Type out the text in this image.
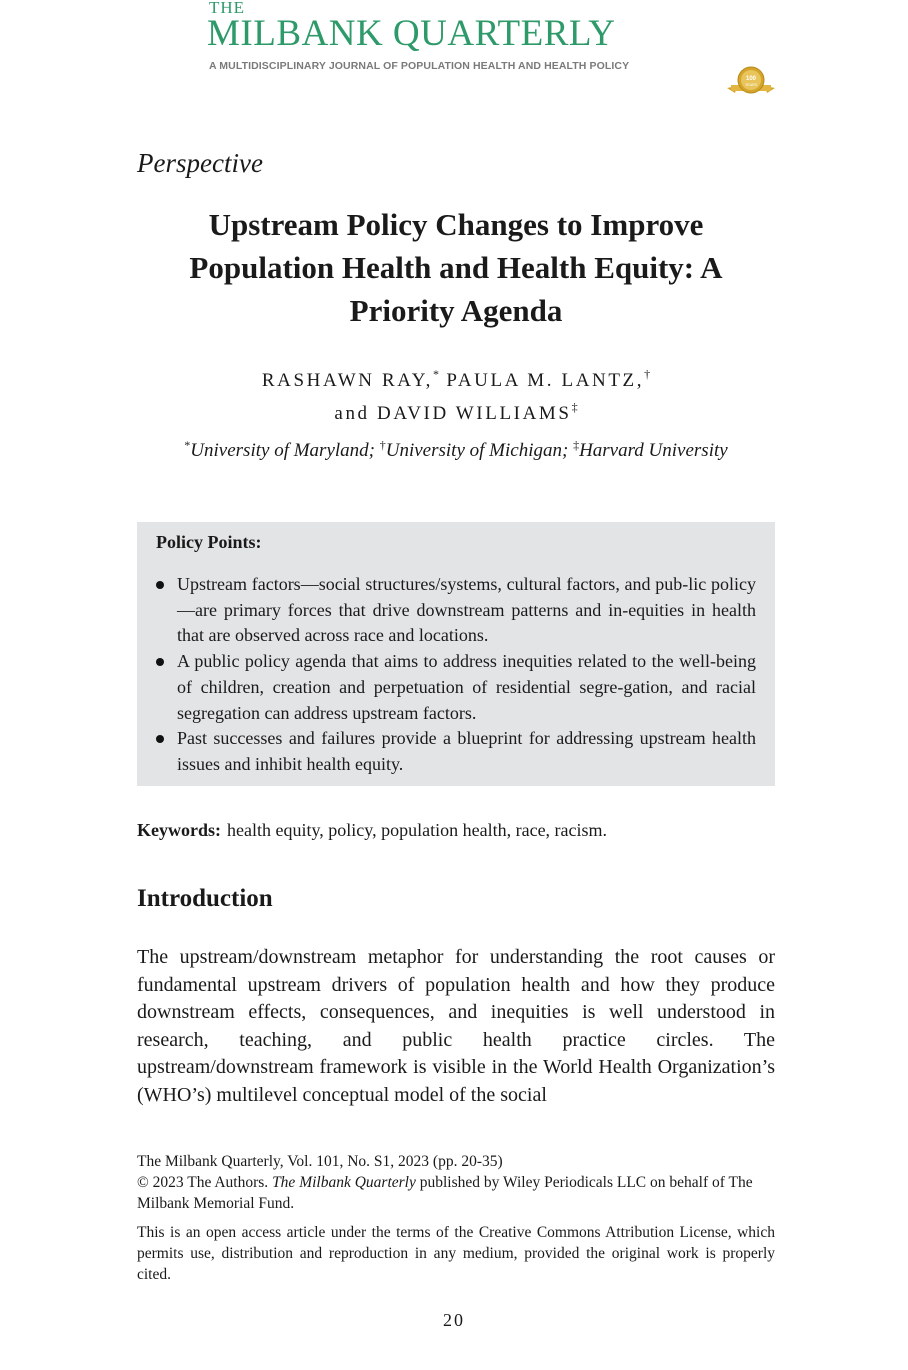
THE
MILBANK QUARTERLY
A MULTIDISCIPLINARY JOURNAL OF POPULATION HEALTH AND HEALTH POLICY
100
YEARS
Perspective
Upstream Policy Changes to Improve Population Health and Health Equity: A Priority Agenda
RASHAWN RAY,* PAULA M. LANTZ,†
and DAVID WILLIAMS‡
*University of Maryland; †University of Michigan; ‡Harvard University
Policy Points:
Upstream factors—social structures/systems, cultural factors, and pub-lic policy—are primary forces that drive downstream patterns and in-equities in health that are observed across race and locations.
A public policy agenda that aims to address inequities related to the well-being of children, creation and perpetuation of residential segre-gation, and racial segregation can address upstream factors.
Past successes and failures provide a blueprint for addressing upstream health issues and inhibit health equity.
Keywords: health equity, policy, population health, race, racism.
Introduction

The upstream/downstream metaphor for understanding the root causes or fundamental upstream drivers of population health and how they produce downstream effects, consequences, and inequities is well understood in research, teaching, and public health practice circles. The upstream/downstream framework is visible in the World Health Organization’s (WHO’s) multilevel conceptual model of the social

The Milbank Quarterly, Vol. 101, No. S1, 2023 (pp. 20-35)
© 2023 The Authors. The Milbank Quarterly published by Wiley Periodicals LLC on behalf of The Milbank Memorial Fund.

This is an open access article under the terms of the Creative Commons Attribution License, which permits use, distribution and reproduction in any medium, provided the original work is properly cited.

20
